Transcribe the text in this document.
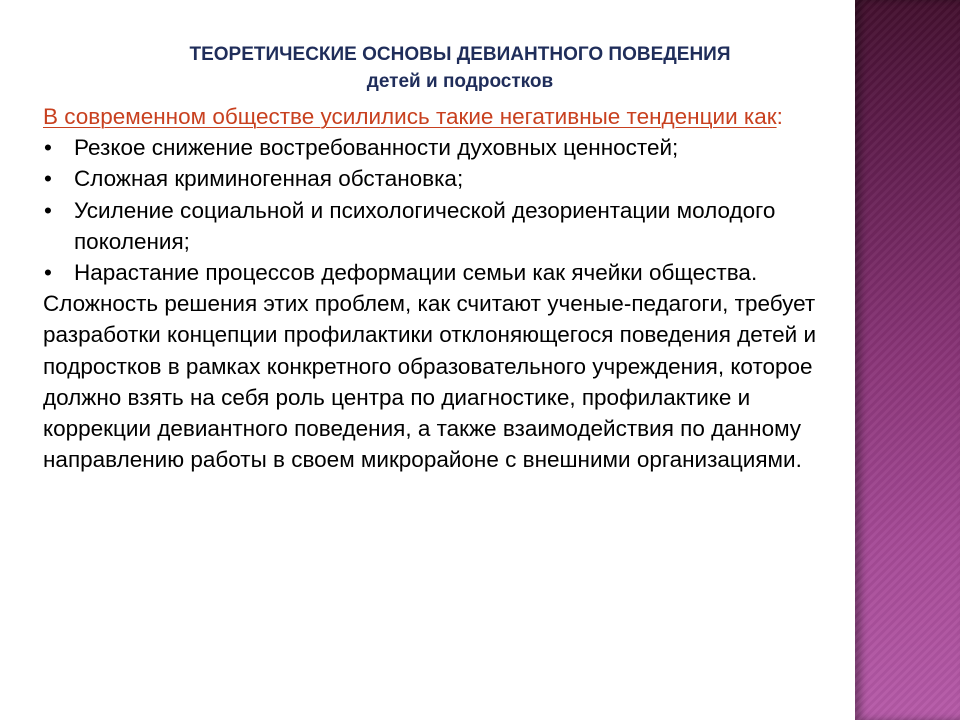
ТЕОРЕТИЧЕСКИЕ ОСНОВЫ ДЕВИАНТНОГО ПОВЕДЕНИЯ
детей и подростков
В современном обществе усилились такие негативные тенденции как:
• Резкое снижение востребованности духовных ценностей;
• Сложная криминогенная обстановка;
• Усиление социальной и психологической дезориентации молодого поколения;
• Нарастание процессов деформации семьи как ячейки общества.

Сложность решения этих проблем, как считают ученые-педагоги, требует разработки концепции профилактики отклоняющегося поведения детей и подростков в рамках конкретного образовательного учреждения, которое должно взять на себя роль центра по диагностике, профилактике и коррекции девиантного поведения, а также взаимодействия по данному направлению работы в своем микрорайоне с внешними организациями.
